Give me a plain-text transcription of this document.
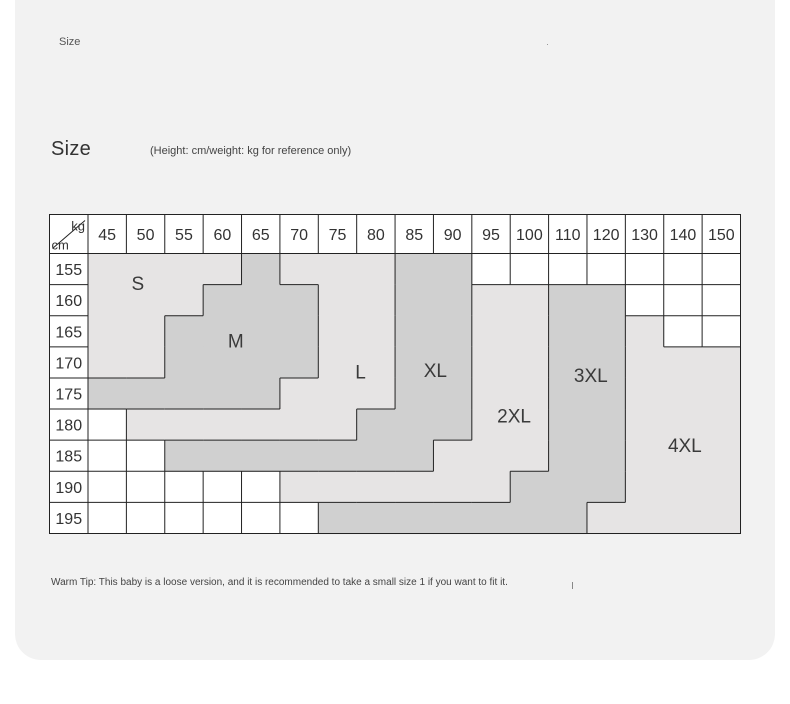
Size
Size	(Height: cm/weight: kg for reference only)
kg
cm
45 50 55 60 65 70 75 80 85 90 95 100 110 120 130 140 150
155
160
165
170
175
180
185
190
195
S
M
L	XL
2XL
3XL
4XL
Warm Tip: This baby is a loose version, and it is recommended to take a small size 1 if you want to fit it.
